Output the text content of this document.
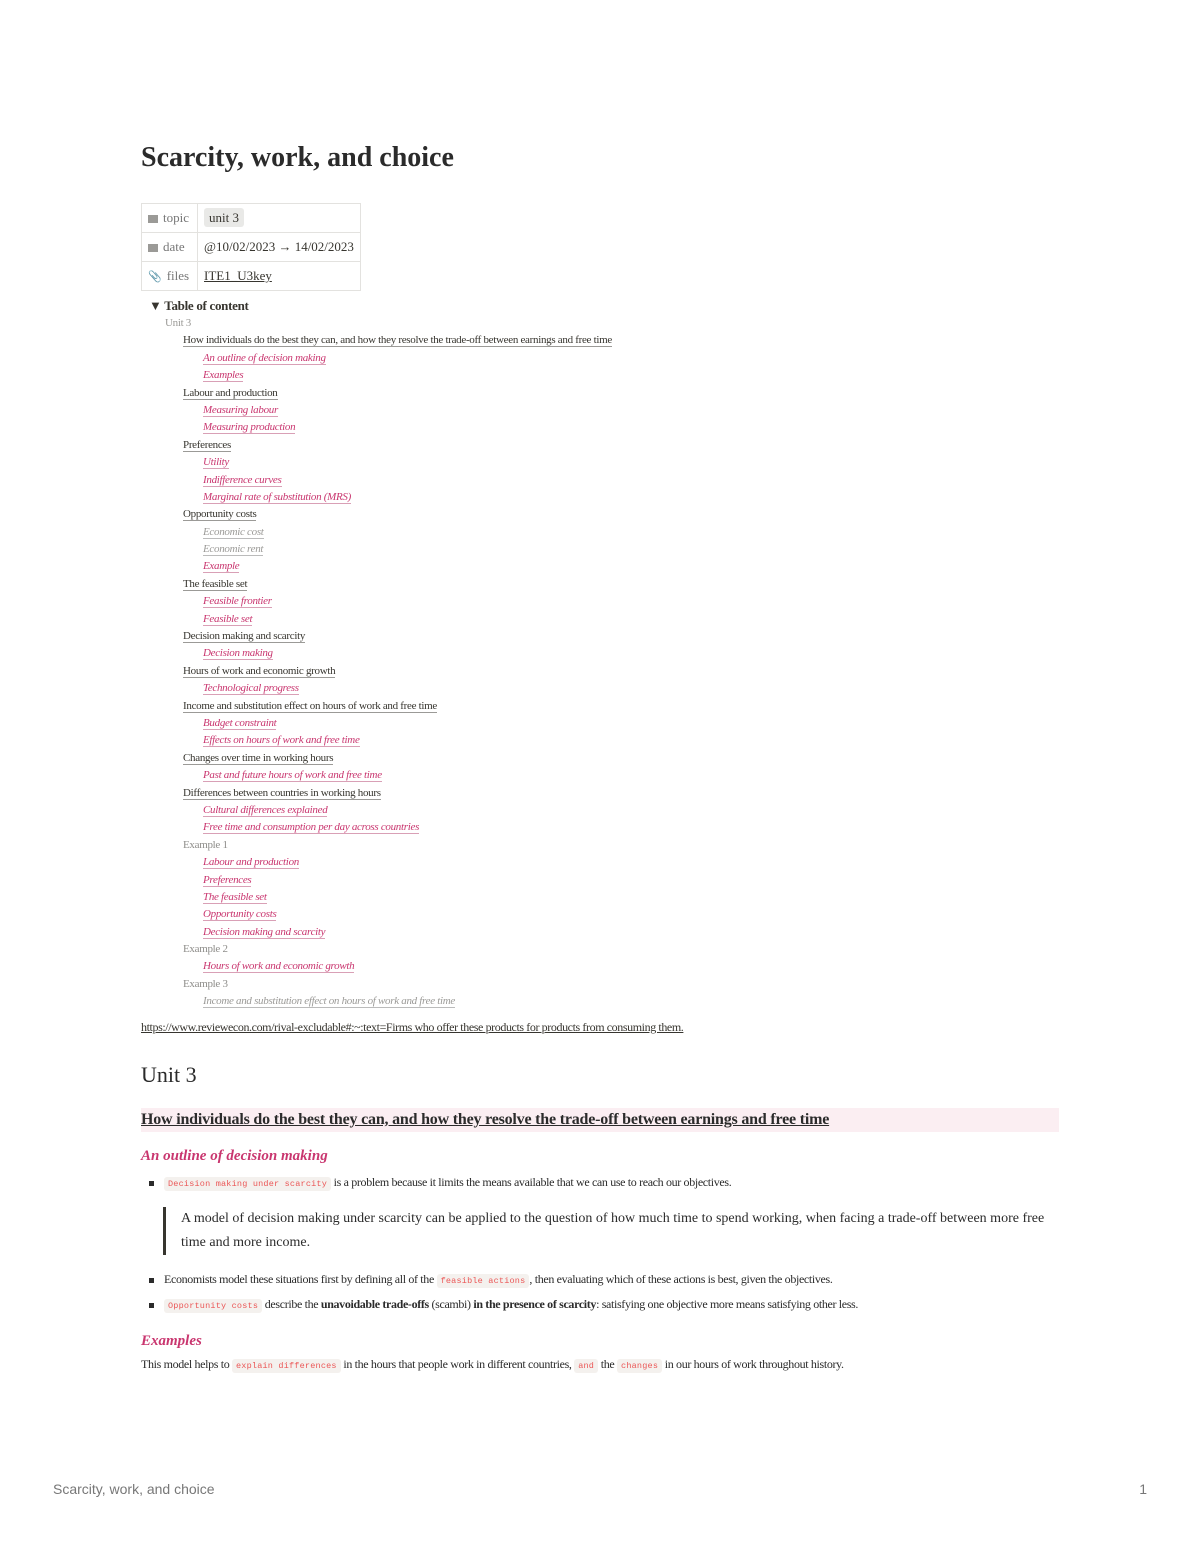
Scarcity, work, and choice
topic	unit 3
date	@10/02/2023 → 14/02/2023
📎 files	ITE1_U3key
▼ Table of content
Unit 3
How individuals do the best they can, and how they resolve the trade-off between earnings and free time
An outline of decision making
Examples
Labour and production
Measuring labour
Measuring production
Preferences
Utility
Indifference curves
Marginal rate of substitution (MRS)
Opportunity costs
Economic cost
Economic rent
Example
The feasible set
Feasible frontier
Feasible set
Decision making and scarcity
Decision making
Hours of work and economic growth
Technological progress
Income and substitution effect on hours of work and free time
Budget constraint
Effects on hours of work and free time
Changes over time in working hours
Past and future hours of work and free time
Differences between countries in working hours
Cultural differences explained
Free time and consumption per day across countries
Example 1
Labour and production
Preferences
The feasible set
Opportunity costs
Decision making and scarcity
Example 2
Hours of work and economic growth
Example 3
Income and substitution effect on hours of work and free time
https://www.reviewecon.com/rival-excludable#:~:text=Firms who offer these products for products from consuming them.
Unit 3
How individuals do the best they can, and how they resolve the trade-off between earnings and free time
An outline of decision making
Decision making under scarcity is a problem because it limits the means available that we can use to reach our objectives.
A model of decision making under scarcity can be applied to the question of how much time to spend working, when facing a trade-off between more free time and more income.
Economists model these situations first by defining all of the feasible actions , then evaluating which of these actions is best, given the objectives.
Opportunity costs describe the unavoidable trade-offs (scambi) in the presence of scarcity: satisfying one objective more means satisfying other less.
Examples
This model helps to explain differences in the hours that people work in different countries, and the changes in our hours of work throughout history.
Scarcity, work, and choice	1
